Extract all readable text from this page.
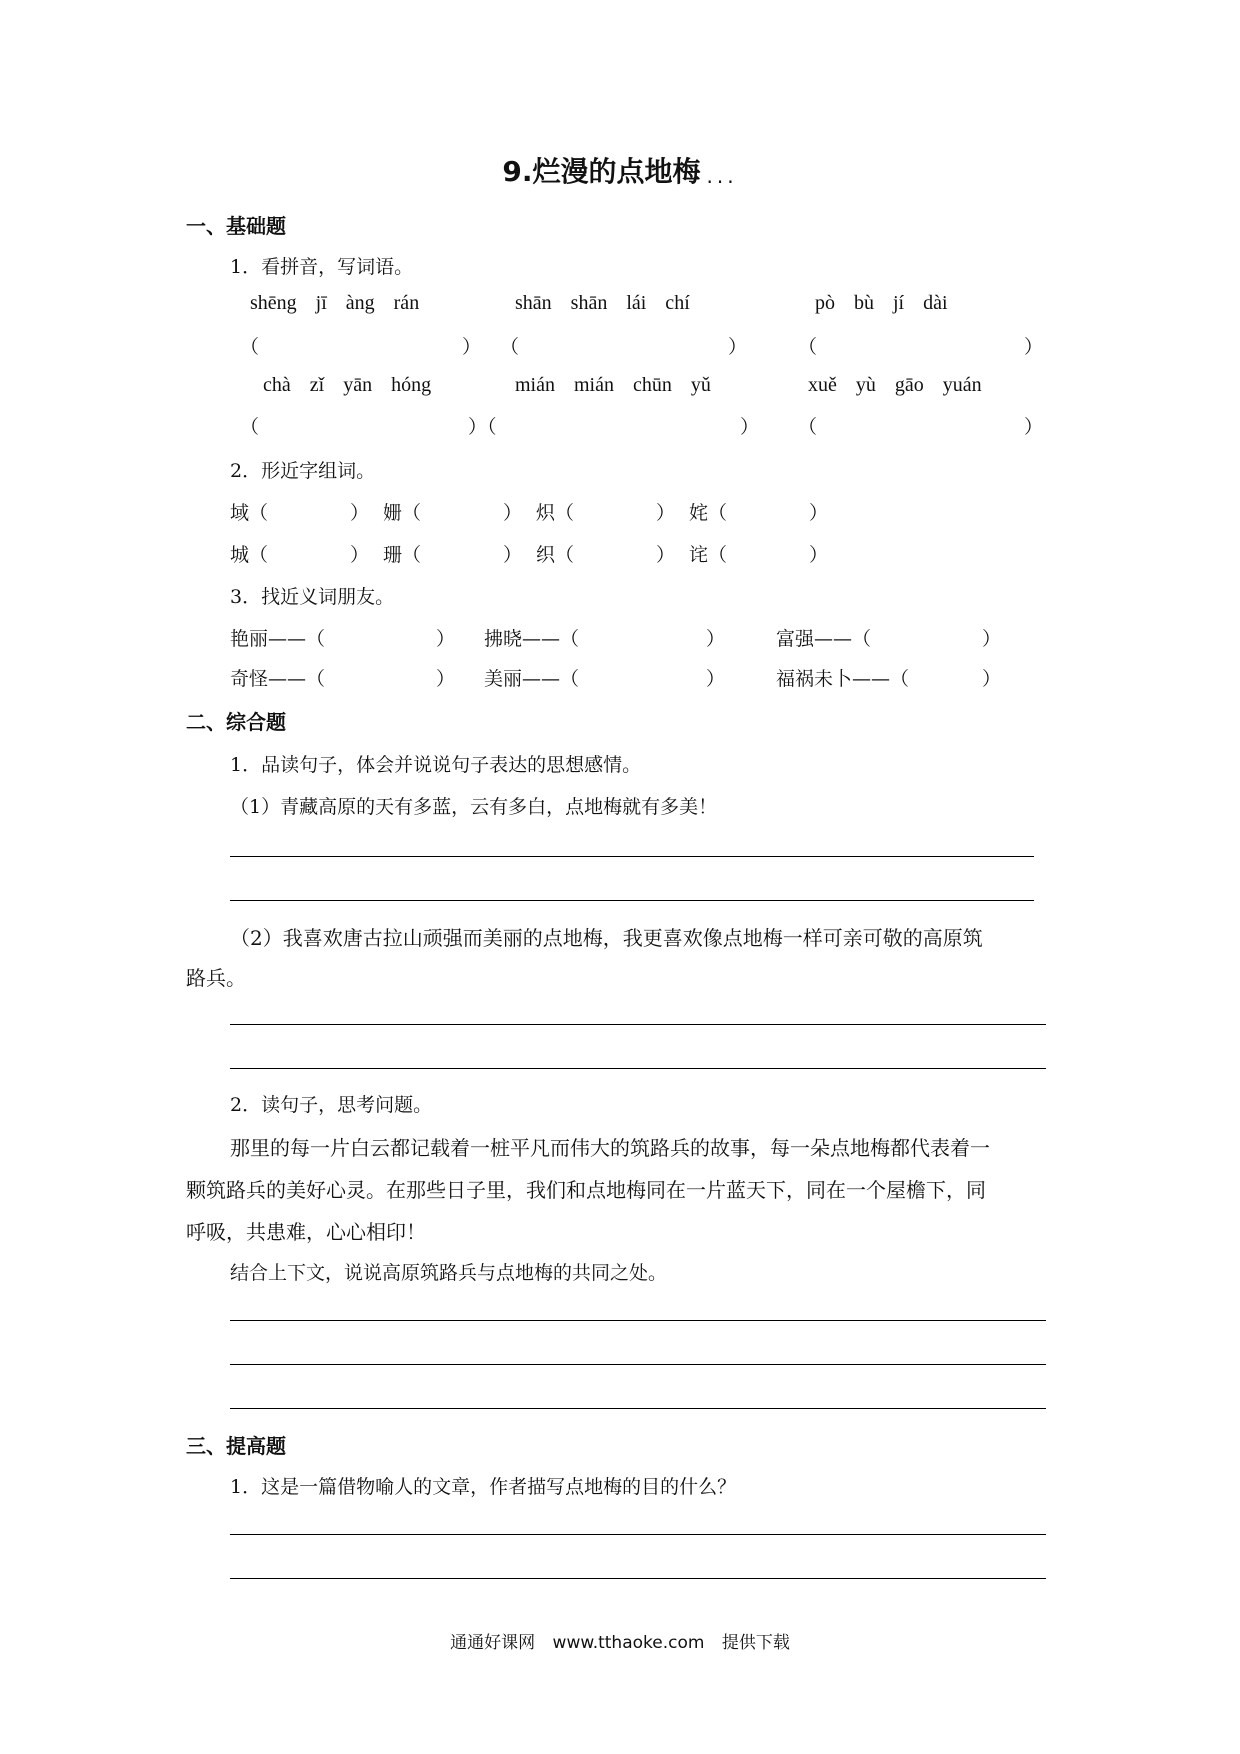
9.烂漫的点地梅 ...
一、基础题
1．看拼音，写词语。
shēng jī àng rán	shān shān lái chí	pò bù jí dài
（	） （	）	（	）
chà zǐ yān hóng	mián mián chūn yǔ	xuě yù gāo yuán
（	）（	） （	）
2．形近字组词。
域（	） 姗（	） 炽（	） 姹（	）
城（	） 珊（	） 织（	） 诧（	）
3．找近义词朋友。
艳丽——（	） 拂晓——（	）	富强——（	）
奇怪——（	） 美丽——（	）	福祸未卜——（	）
二、综合题
1．品读句子，体会并说说句子表达的思想感情。
（1）青藏高原的天有多蓝，云有多白，点地梅就有多美！
（2）我喜欢唐古拉山顽强而美丽的点地梅，我更喜欢像点地梅一样可亲可敬的高原筑
路兵。
2．读句子，思考问题。
那里的每一片白云都记载着一桩平凡而伟大的筑路兵的故事，每一朵点地梅都代表着一
颗筑路兵的美好心灵。在那些日子里，我们和点地梅同在一片蓝天下，同在一个屋檐下，同
呼吸，共患难，心心相印！
结合上下文，说说高原筑路兵与点地梅的共同之处。
三、提高题
1．这是一篇借物喻人的文章，作者描写点地梅的目的什么？
通通好课网 www.tthaoke.com 提供下载
